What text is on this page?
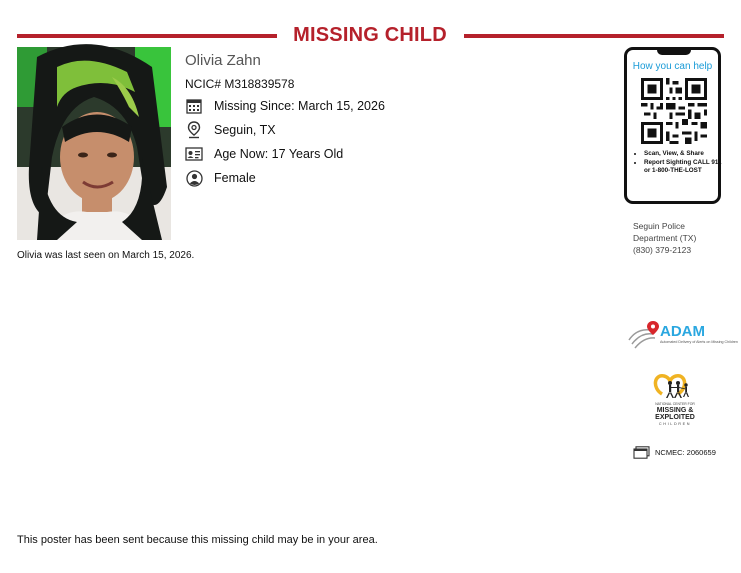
MISSING CHILD
Olivia Zahn
NCIC# M318839578
Missing Since: March 15, 2026
Seguin, TX
Age Now: 17 Years Old
Female
Olivia was last seen on March 15, 2026.
How you can help
• Scan, View, & Share
• Report Sighting CALL 911 or 1-800-THE-LOST
Seguin Police
Department (TX)
(830) 379-2123
ADAM
Automated Delivery of Alerts on Missing Children
NATIONAL CENTER FOR
MISSING &
EXPLOITED
CHILDREN
NCMEC: 2060659
This poster has been sent because this missing child may be in your area.
